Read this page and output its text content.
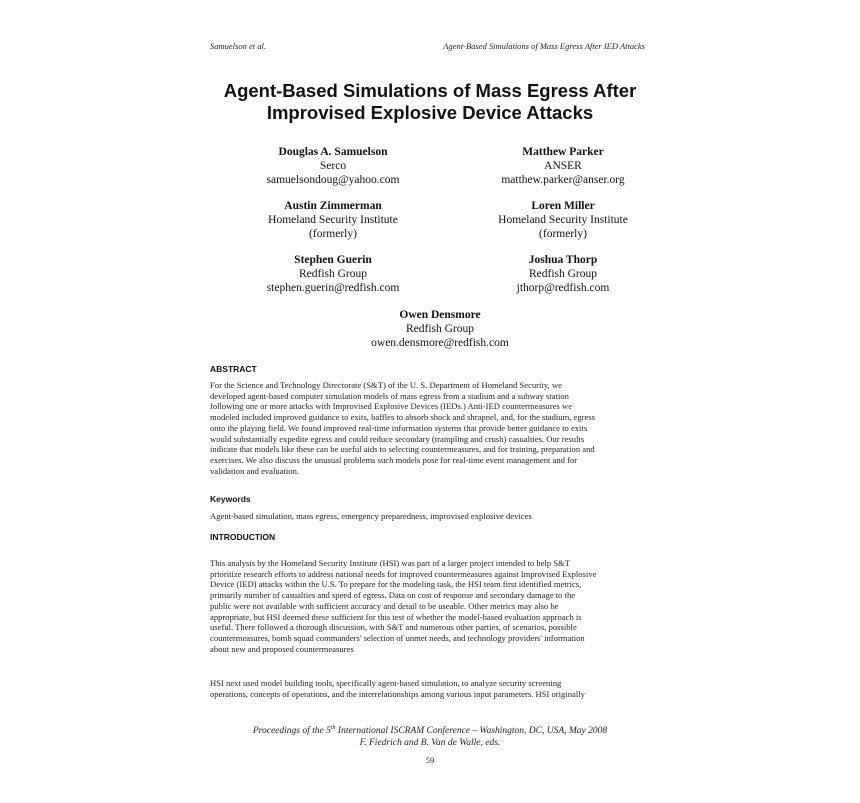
Samuelson et al.	Agent-Based Simulations of Mass Egress After IED Attacks
Agent-Based Simulations of Mass Egress After
Improvised Explosive Device Attacks
Douglas A. Samuelson
Serco
samuelsondoug@yahoo.com
Matthew Parker
ANSER
matthew.parker@anser.org
Austin Zimmerman
Homeland Security Institute
(formerly)
Loren Miller
Homeland Security Institute
(formerly)
Stephen Guerin
Redfish Group
stephen.guerin@redfish.com
Joshua Thorp
Redfish Group
jthorp@redfish.com
Owen Densmore
Redfish Group
owen.densmore@redfish.com
ABSTRACT
For the Science and Technology Directorate (S&T) of the U. S. Department of Homeland Security, we
developed agent-based computer simulation models of mass egress from a stadium and a subway station
following one or more attacks with Improvised Explosive Devices (IEDs.) Anti-IED countermeasures we
modeled included improved guidance to exits, baffles to absorb shock and shrapnel, and, for the stadium, egress
onto the playing field. We found improved real-time information systems that provide better guidance to exits
would substantially expedite egress and could reduce secondary (trampling and crush) casualties. Our results
indicate that models like these can be useful aids to selecting countermeasures, and for training, preparation and
exercises. We also discuss the unusual problems such models pose for real-time event management and for
validation and evaluation.
Keywords
Agent-based simulation, mass egress, emergency preparedness, improvised explosive devices
INTRODUCTION
This analysis by the Homeland Security Institute (HSI) was part of a larger project intended to help S&T
prioritize research efforts to address national needs for improved countermeasures against Improvised Explosive
Device (IED) attacks within the U.S. To prepare for the modeling task, the HSI team first identified metrics,
primarily number of casualties and speed of egress. Data on cost of response and secondary damage to the
public were not available with sufficient accuracy and detail to be useable. Other metrics may also be
appropriate, but HSI deemed these sufficient for this test of whether the model-based evaluation approach is
useful. There followed a thorough discussion, with S&T and numerous other parties, of scenarios, possible
countermeasures, bomb squad commanders' selection of unmet needs, and technology providers' information
about new and proposed countermeasures
HSI next used model building tools, specifically agent-based simulation, to analyze security screening
operations, concepts of operations, and the interrelationships among various input parameters. HSI originally
Proceedings of the 5th International ISCRAM Conference – Washington, DC, USA, May 2008
F. Fiedrich and B. Van de Walle, eds.
59
